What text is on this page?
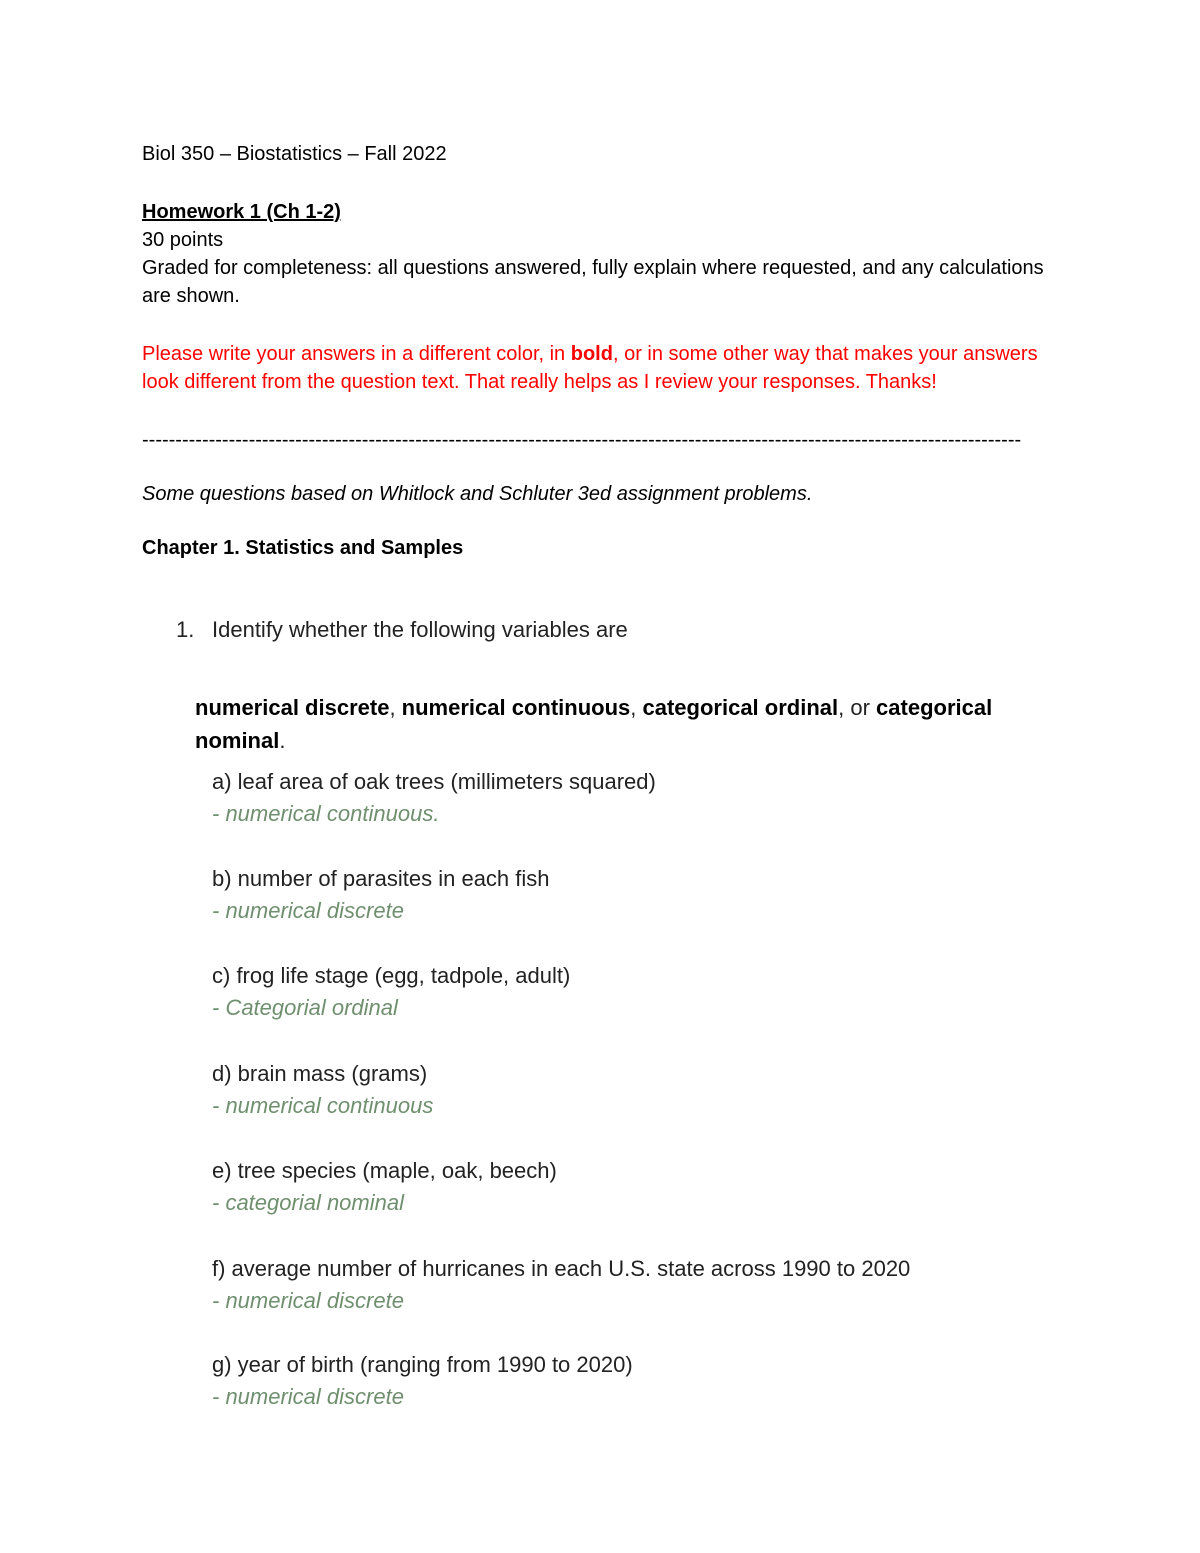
Biol 350 – Biostatistics – Fall 2022

Homework 1 (Ch 1-2)

30 points

Graded for completeness: all questions answered, fully explain where requested, and any calculations are shown.

Please write your answers in a different color, in bold, or in some other way that makes your answers look different from the question text. That really helps as I review your responses. Thanks!

------------------------------------------------------------------------------------------------------------------------------------

Some questions based on Whitlock and Schluter 3ed assignment problems.

Chapter 1. Statistics and Samples

1. Identify whether the following variables are

numerical discrete, numerical continuous, categorical ordinal, or categorical nominal.

a) leaf area of oak trees (millimeters squared)
- numerical continuous.
b) number of parasites in each fish
- numerical discrete
c) frog life stage (egg, tadpole, adult)
- Categorial ordinal
d) brain mass (grams)
- numerical continuous
e) tree species (maple, oak, beech)
- categorial nominal
f) average number of hurricanes in each U.S. state across 1990 to 2020
- numerical discrete
g) year of birth (ranging from 1990 to 2020)
- numerical discrete
